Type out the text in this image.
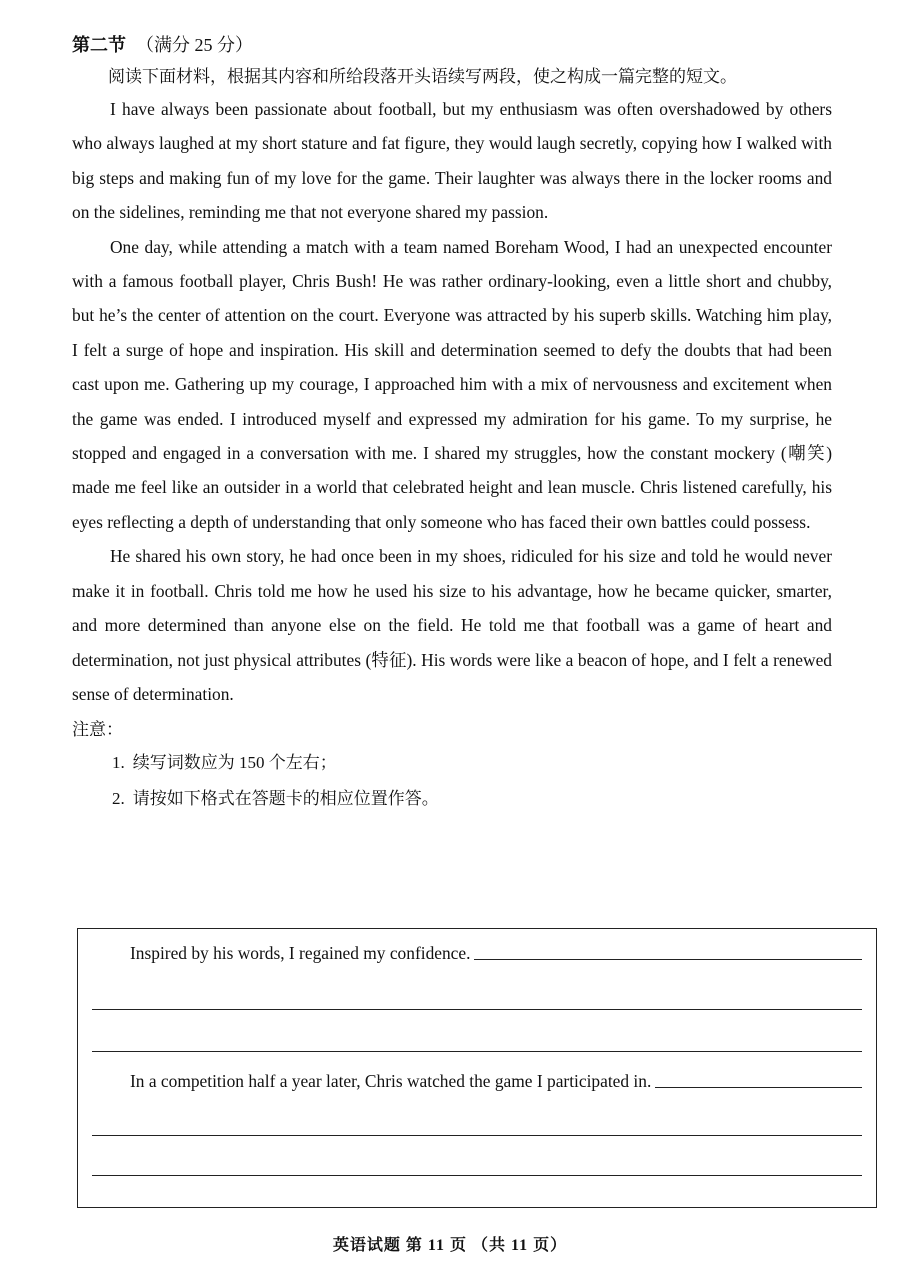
第二节 （满分 25 分）

阅读下面材料，根据其内容和所给段落开头语续写两段，使之构成一篇完整的短文。

I have always been passionate about football, but my enthusiasm was often overshadowed by others who always laughed at my short stature and fat figure, they would laugh secretly, copying how I walked with big steps and making fun of my love for the game. Their laughter was always there in the locker rooms and on the sidelines, reminding me that not everyone shared my passion.

One day, while attending a match with a team named Boreham Wood, I had an unexpected encounter with a famous football player, Chris Bush! He was rather ordinary-looking, even a little short and chubby, but he’s the center of attention on the court. Everyone was attracted by his superb skills. Watching him play, I felt a surge of hope and inspiration. His skill and determination seemed to defy the doubts that had been cast upon me. Gathering up my courage, I approached him with a mix of nervousness and excitement when the game was ended. I introduced myself and expressed my admiration for his game. To my surprise, he stopped and engaged in a conversation with me. I shared my struggles, how the constant mockery (嘲笑) made me feel like an outsider in a world that celebrated height and lean muscle. Chris listened carefully, his eyes reflecting a depth of understanding that only someone who has faced their own battles could possess.

He shared his own story, he had once been in my shoes, ridiculed for his size and told he would never make it in football. Chris told me how he used his size to his advantage, how he became quicker, smarter, and more determined than anyone else on the field. He told me that football was a game of heart and determination, not just physical attributes (特征). His words were like a beacon of hope, and I felt a renewed sense of determination.

注意：

1. 续写词数应为 150 个左右；
2. 请按如下格式在答题卡的相应位置作答。
Inspired by his words, I regained my confidence.
In a competition half a year later, Chris watched the game I participated in.
英语试题 第 11 页 （共 11 页）
